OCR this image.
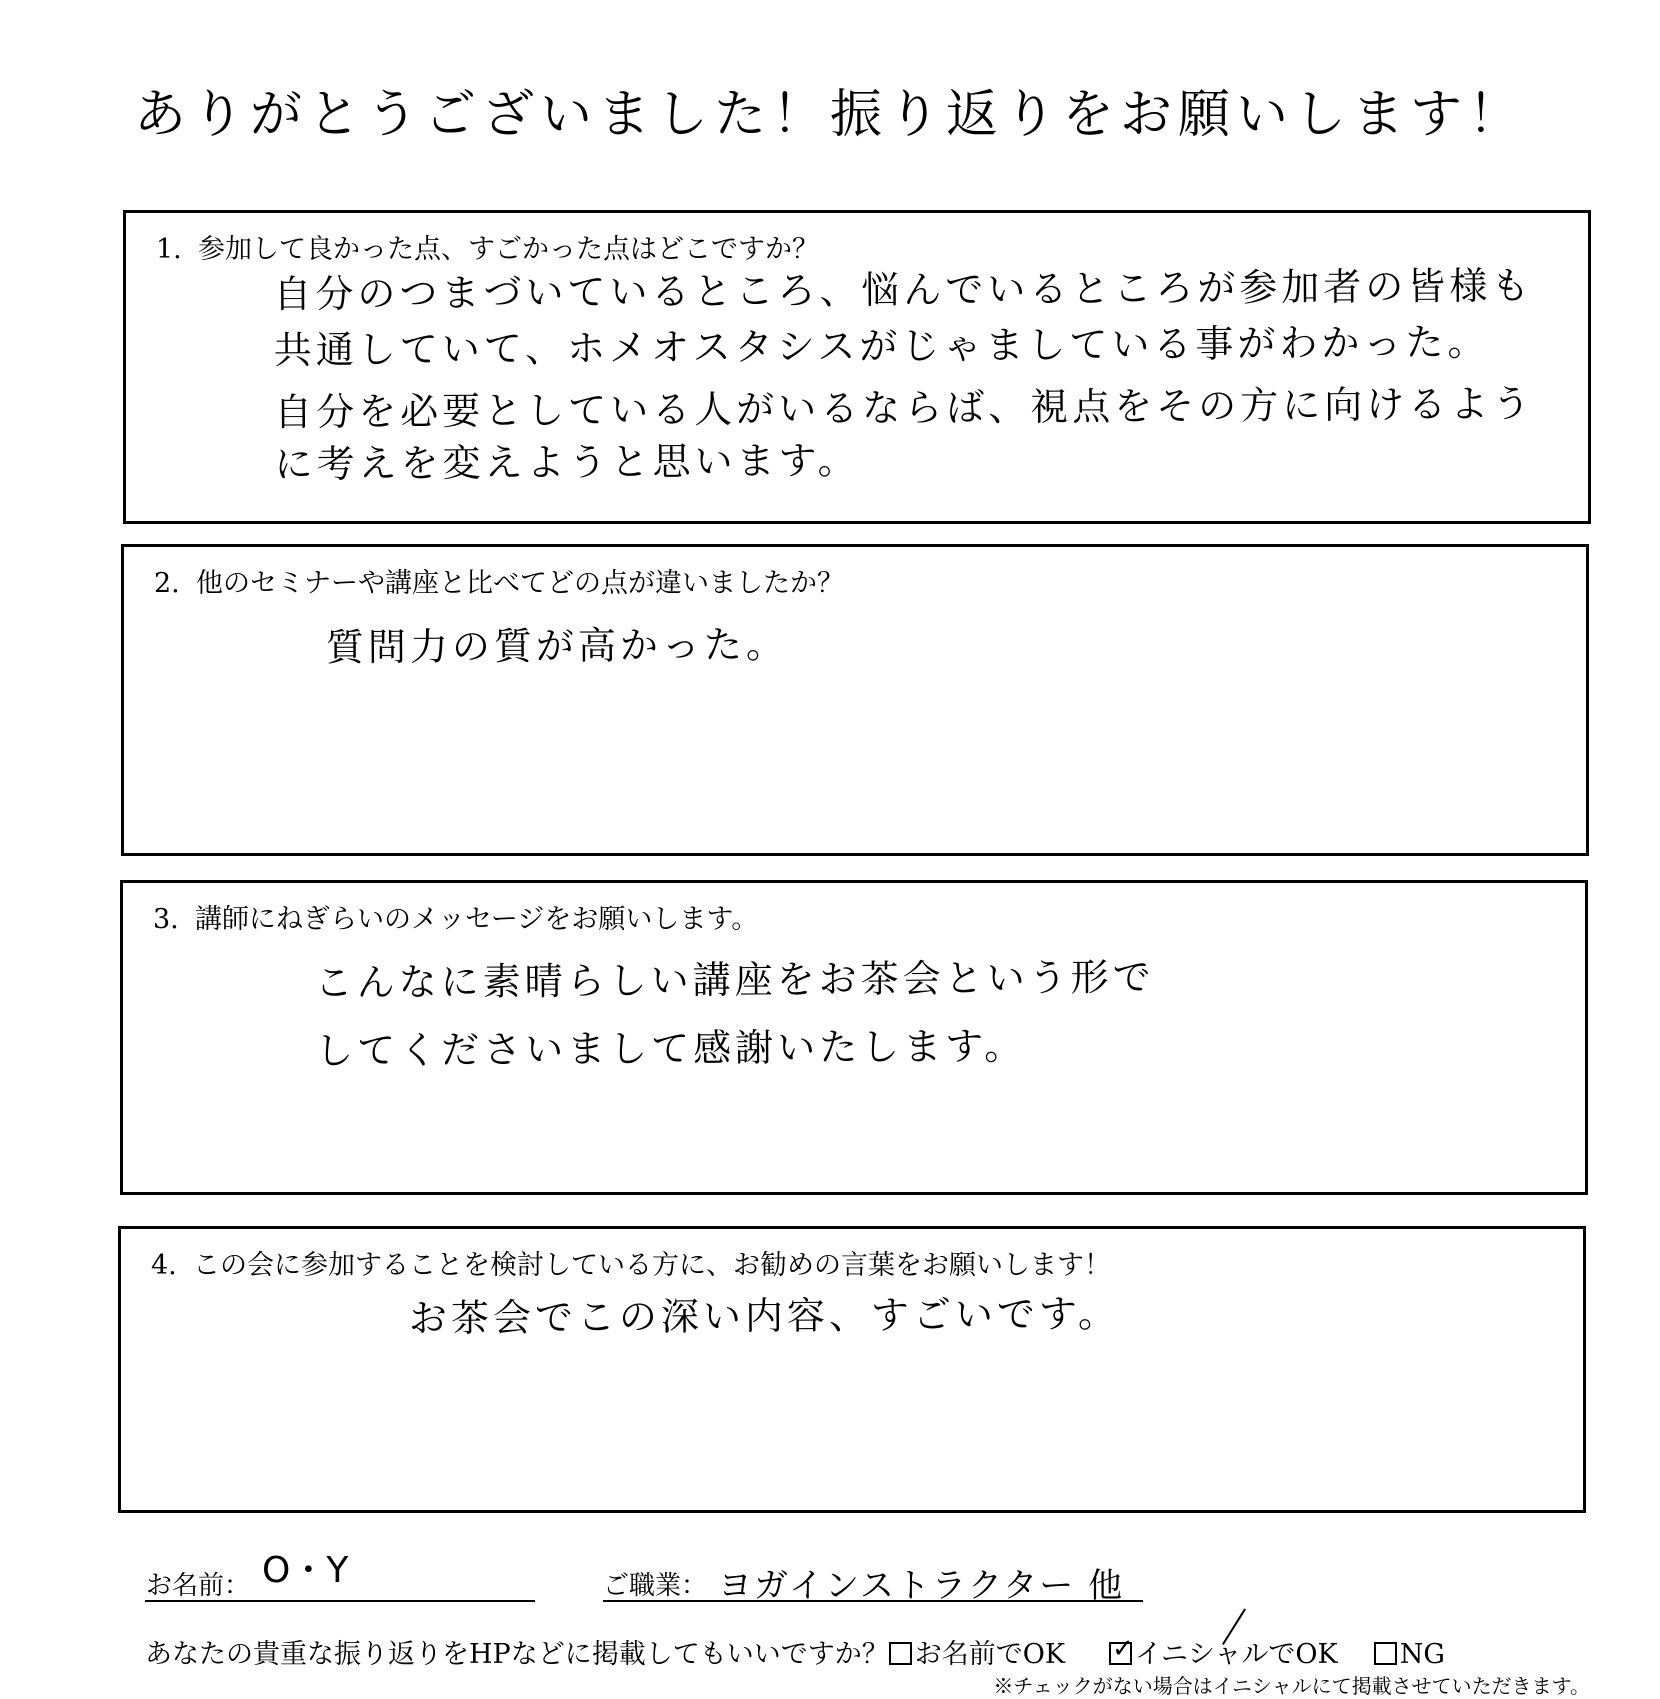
ありがとうございました！振り返りをお願いします！
1. 参加して良かった点、すごかった点はどこですか？
自分のつまづいているところ、悩んでいるところが参加者の皆様も
共通していて、ホメオスタシスがじゃましている事がわかった。
自分を必要としている人がいるならば、視点をその方に向けるよう
に考えを変えようと思います。
2. 他のセミナーや講座と比べてどの点が違いましたか？
質問力の質が高かった。
3. 講師にねぎらいのメッセージをお願いします。
こんなに素晴らしい講座をお茶会という形で
してくださいまして感謝いたします。
4. この会に参加することを検討している方に、お勧めの言葉をお願いします！
お茶会でこの深い内容、すごいです。
お名前： O・Y	ご職業： ヨガインストラクター 他
あなたの貴重な振り返りをHPなどに掲載してもいいですか？ お名前でOK✓	イニシャルでOK NG
※チェックがない場合はイニシャルにて掲載させていただきます。
